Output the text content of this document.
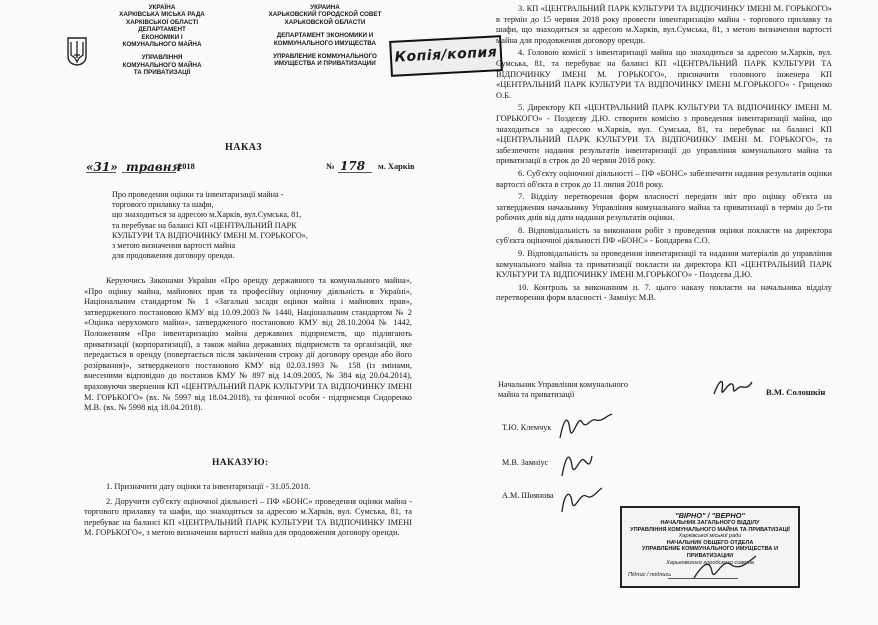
УКРАЇНА
ХАРКІВСЬКА МІСЬКА РАДА
ХАРКІВСЬКОЇ ОБЛАСТІ
ДЕПАРТАМЕНТ
ЕКОНОМІКИ І
КОМУНАЛЬНОГО МАЙНА
УПРАВЛІННЯ
КОМУНАЛЬНОГО МАЙНА
ТА ПРИВАТИЗАЦІЇ
УКРАИНА
ХАРЬКОВСКИЙ ГОРОДСКОЙ СОВЕТ
ХАРЬКОВСКОЙ ОБЛАСТИ
ДЕПАРТАМЕНТ ЭКОНОМИКИ И
КОММУНАЛЬНОГО ИМУЩЕСТВА
УПРАВЛЕНИЕ КОММУНАЛЬНОГО
ИМУЩЕСТВА И ПРИВАТИЗАЦИИ	Копія/копия
НАКАЗ
«31» травня
2018	№ 178 м. Харків
Про проведення оцінки та інвентаризації майна -
торгового прилавку та шафи,
що знаходиться за адресою м.Харків, вул.Сумська, 81,
та перебуває на балансі КП «ЦЕНТРАЛЬНИЙ ПАРК
КУЛЬТУРИ ТА ВІДПОЧИНКУ ІМЕНІ М. ГОРЬКОГО»,
з метою визначення вартості майна
для продовження договору оренди.
Керуючись Законами України «Про оренду державного та комунального майна», «Про оцінку майна, майнових прав та професійну оціночну діяльність в Україні», Національним стандартом № 1 «Загальні засади оцінки майна і майнових прав», затвердженого постановою КМУ від 10.09.2003 № 1440, Національним стандартом № 2 «Оцінка нерухомого майна», затвердженого постановою КМУ від 28.10.2004 № 1442, Положенням «Про інвентаризацію майна державних підприємств, що підлягають приватизації (корпоратизації), а також майна державних підприємств та організацій, яке передається в оренду (повертається після закінчення строку дії договору оренди або його розірвання)», затвердженого постановою КМУ від 02.03.1993 № 158 (із змінами, внесеними відповідно до постанов КМУ № 897 від 14.09.2005, № 384 від 20.04.2014), враховуючи звернення КП «ЦЕНТРАЛЬНИЙ ПАРК КУЛЬТУРИ ТА ВІДПОЧИНКУ ІМЕНІ М. ГОРЬКОГО» (вх. № 5997 від 18.04.2018), та фізичної особи - підприємця Сидоренко М.В. (вх. № 5998 від 18.04.2018).
НАКАЗУЮ:

1. Призначити дату оцінки та інвентаризації - 31.05.2018.

2. Доручити суб'єкту оціночної діяльності – ПФ «БОНС» проведення оцінки майна - торгового прилавку та шафи, що знаходиться за адресою м.Харків, вул. Сумська, 81, та перебуває на балансі КП «ЦЕНТРАЛЬНИЙ ПАРК КУЛЬТУРИ ТА ВІДПОЧИНКУ ІМЕНІ М. ГОРЬКОГО», з метою визначення вартості майна для продовження договору оренди.

3. КП «ЦЕНТРАЛЬНИЙ ПАРК КУЛЬТУРИ ТА ВІДПОЧИНКУ ІМЕНІ М. ГОРЬКОГО» в термін до 15 червня 2018 року провести інвентаризацію майна - торгового прилавку та шафи, що знаходиться за адресою м.Харків, вул.Сумська, 81, з метою визначення вартості майна для продовження договору оренди.

4. Головою комісії з інвентаризації майна що знаходиться за адресою м.Харків, вул. Сумська, 81, та перебуває на балансі КП «ЦЕНТРАЛЬНИЙ ПАРК КУЛЬТУРИ ТА ВІДПОЧИНКУ ІМЕНІ М. ГОРЬКОГО», призначити головного інженера КП «ЦЕНТРАЛЬНИЙ ПАРК КУЛЬТУРИ ТА ВІДПОЧИНКУ ІМЕНІ М.ГОРЬКОГО» - Гриценко О.Б.

5. Директору КП «ЦЕНТРАЛЬНИЙ ПАРК КУЛЬТУРИ ТА ВІДПОЧИНКУ ІМЕНІ М. ГОРЬКОГО» - Поздєєву Д.Ю. створити комісію з проведення інвентаризації майна, що знаходиться за адресою м.Харків, вул. Сумська, 81, та перебуває на балансі КП «ЦЕНТРАЛЬНИЙ ПАРК КУЛЬТУРИ ТА ВІДПОЧИНКУ ІМЕНІ М. ГОРЬКОГО», та забезпечити надання результатів інвентаризації до управління комунального майна та приватизації в строк до 20 червня 2018 року.

6. Суб'єкту оціночної діяльності – ПФ «БОНС» забезпечити надання результатів оцінки вартості об'єкта в строк до 11 липня 2018 року.

7. Відділу перетворення форм власності передати звіт про оцінку об'єкта на затвердження начальнику Управління комунального майна та приватизації в термін до 5-ти робочих днів від дати надання результатів оцінки.

8. Відповідальність за виконання робіт з проведення оцінки покласти на директора суб'єкта оціночної діяльності ПФ «БОНС» - Бондарева С.О.

9. Відповідальність за проведення інвентаризації та надання матеріалів до управління комунального майна та приватизації покласти на директора КП «ЦЕНТРАЛЬНИЙ ПАРК КУЛЬТУРИ ТА ВІДПОЧИНКУ ІМЕНІ М.ГОРЬКОГО» - Поздєєва Д.Ю.

10. Контроль за виконанням п. 7. цього наказу покласти на начальника відділу перетворення форм власності - Замніус М.В.

Начальник Управління комунального
майна та приватизації	В.М. Солошкін
Т.Ю. Клемчук
М.В. Замніус
А.М. Шиянова
"ВІРНО" / "ВЕРНО"
НАЧАЛЬНИК ЗАГАЛЬНОГО ВІДДІЛУ
УПРАВЛІННЯ КОМУНАЛЬНОГО МАЙНА ТА ПРИВАТИЗАЦІЇ
Харківської міської ради
НАЧАЛЬНИК ОБЩЕГО ОТДЕЛА
УПРАВЛЕНИЕ КОММУНАЛЬНОГО ИМУЩЕСТВА И ПРИВАТИЗАЦИИ
Харьковского городского совета
Підпис / подпись
